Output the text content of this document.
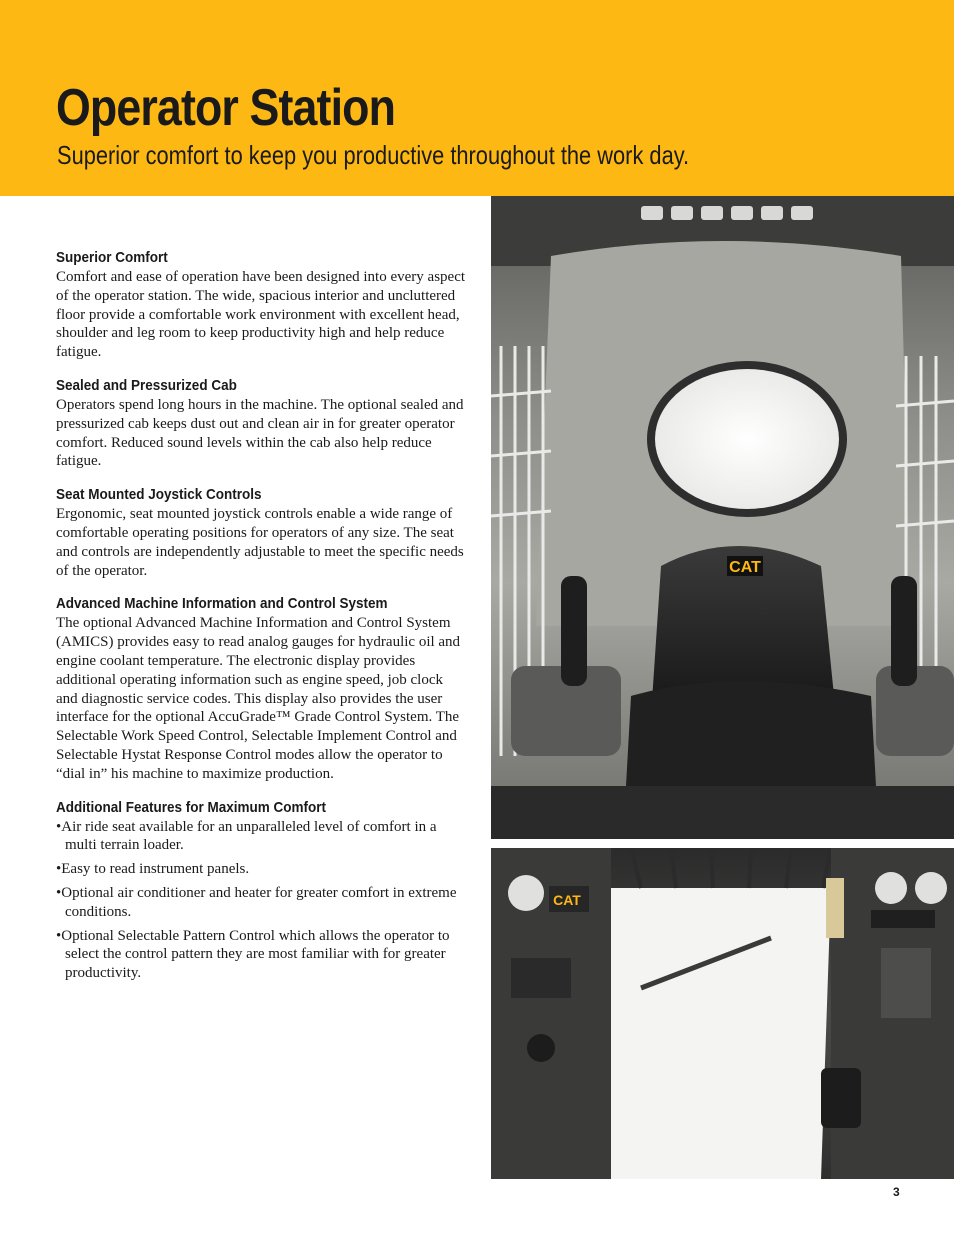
Operator Station
Superior comfort to keep you productive throughout the work day.
Superior Comfort

Comfort and ease of operation have been designed into every aspect of the operator station. The wide, spacious interior and uncluttered floor provide a comfortable work environment with excellent head, shoulder and leg room to keep productivity high and help reduce fatigue.

Sealed and Pressurized Cab

Operators spend long hours in the machine. The optional sealed and pressurized cab keeps dust out and clean air in for greater operator comfort. Reduced sound levels within the cab also help reduce fatigue.

Seat Mounted Joystick Controls

Ergonomic, seat mounted joystick controls enable a wide range of comfortable operating positions for operators of any size. The seat and controls are independently adjustable to meet the specific needs of the operator.

Advanced Machine Information and Control System

The optional Advanced Machine Information and Control System (AMICS) provides easy to read analog gauges for hydraulic oil and engine coolant temperature. The electronic display provides additional operating information such as engine speed, job clock and diagnostic service codes. This display also provides the user interface for the optional AccuGrade™ Grade Control System. The Selectable Work Speed Control, Selectable Implement Control and Selectable Hystat Response Control modes allow the operator to “dial in” his machine to maximize production.

Additional Features for Maximum Comfort
• Air ride seat available for an unparalleled level of comfort in a multi terrain loader.
• Easy to read instrument panels.
• Optional air conditioner and heater for greater comfort in extreme conditions.
• Optional Selectable Pattern Control which allows the operator to select the control pattern they are most familiar with for greater productivity.
CAT
CAT
3
